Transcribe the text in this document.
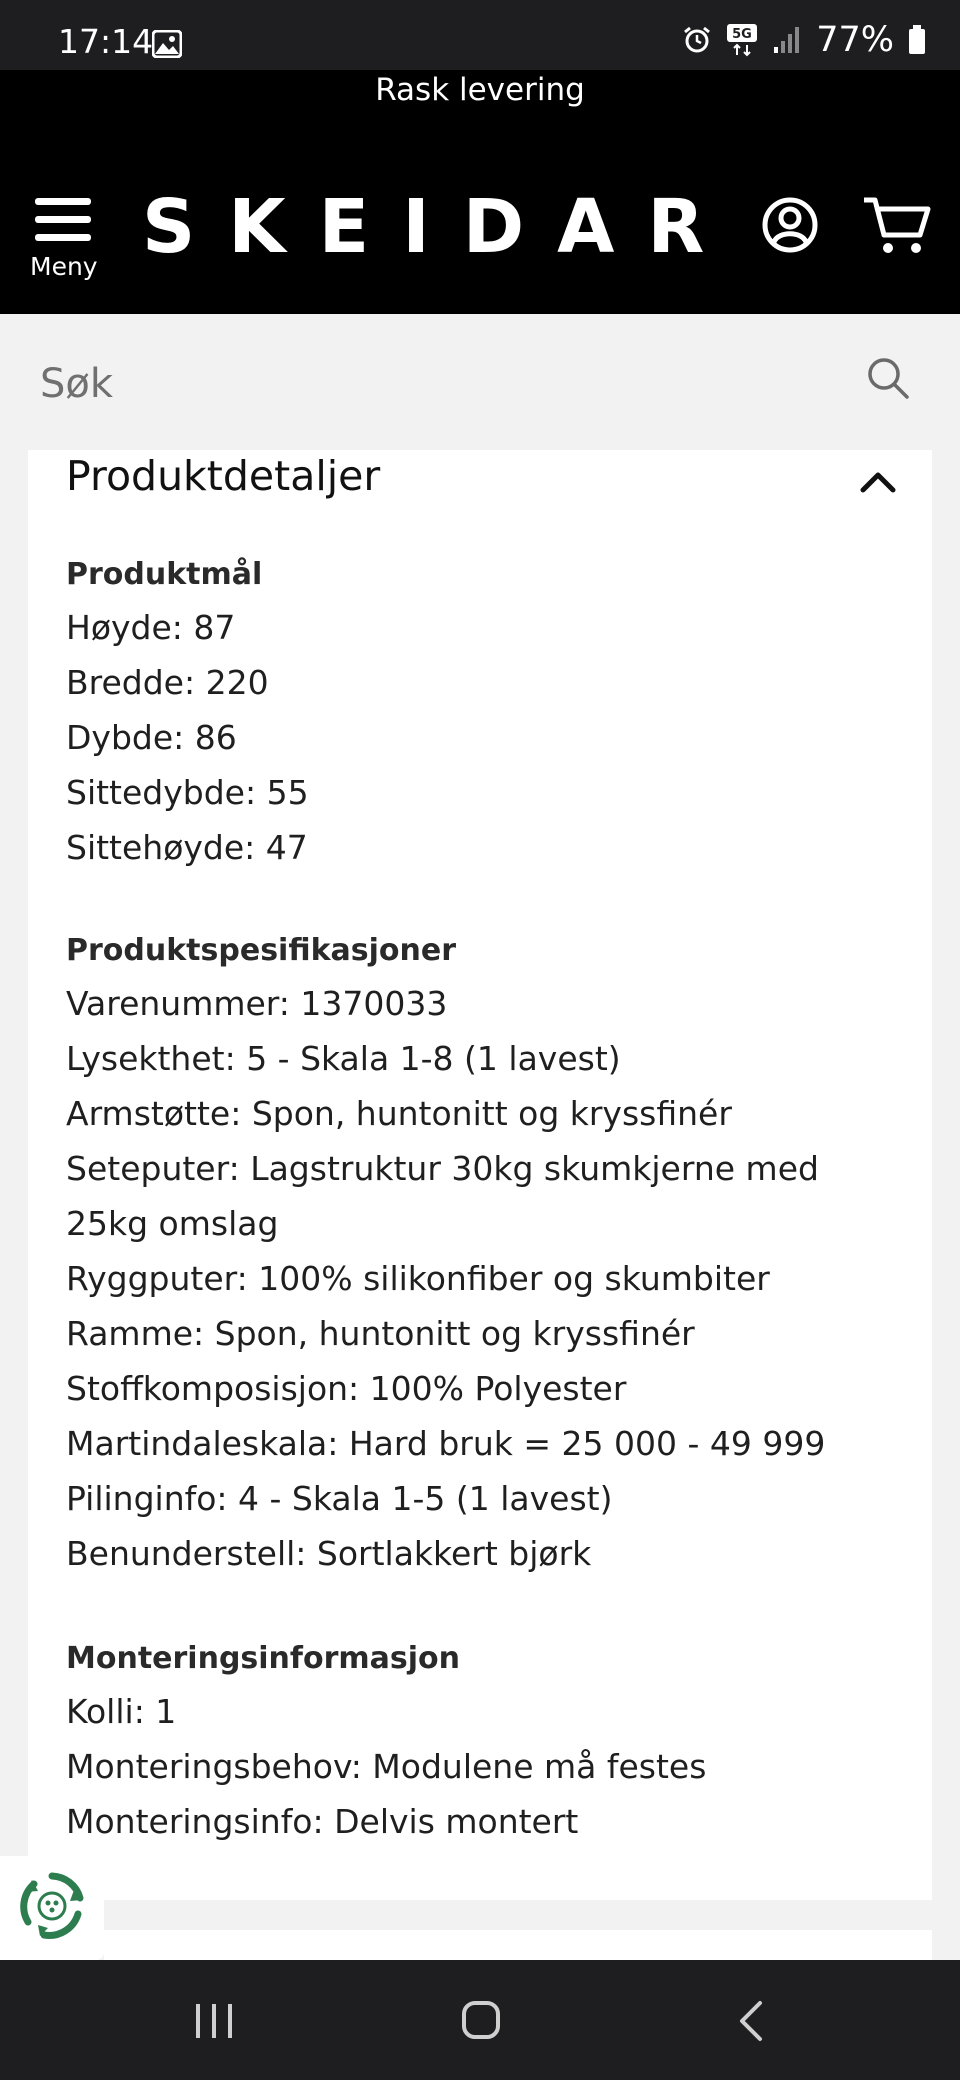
17:14	5G 77%
Rask levering
Meny SKEIDAR
Søk
Produktdetaljer
Produktmål

Høyde: 87

Bredde: 220

Dybde: 86

Sittedybde: 55

Sittehøyde: 47

Produktspesifikasjoner

Varenummer: 1370033

Lysekthet: 5 - Skala 1-8 (1 lavest)

Armstøtte: Spon, huntonitt og kryssfinér

Seteputer: Lagstruktur 30kg skumkjerne med

25kg omslag

Ryggputer: 100% silikonfiber og skumbiter

Ramme: Spon, huntonitt og kryssfinér

Stoffkomposisjon: 100% Polyester

Martindaleskala: Hard bruk = 25 000 - 49 999

Pilinginfo: 4 - Skala 1-5 (1 lavest)

Benunderstell: Sortlakkert bjørk

Monteringsinformasjon

Kolli: 1

Monteringsbehov: Modulene må festes

Monteringsinfo: Delvis montert
